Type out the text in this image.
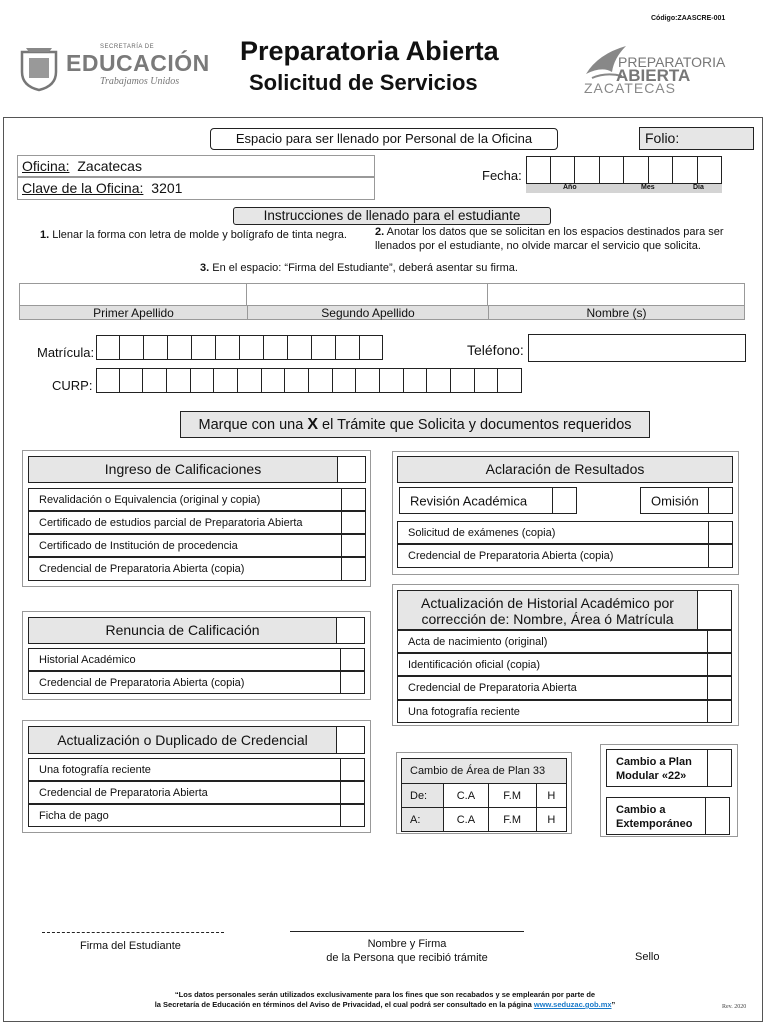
Código:ZAASCRE-001
SECRETARÍA DE
EDUCACIÓN
Trabajamos Unidos
Preparatoria Abierta
Solicitud de Servicios
PREPARATORIA
ABIERTA
ZACATECAS
Espacio para ser llenado por Personal de la Oficina	Folio:
Oficina: Zacatecas
Clave de la Oficina: 3201
Fecha:
Año	Mes	Día
Instrucciones de llenado para el estudiante
1. Llenar la forma con letra de molde y bolígrafo de tinta negra.	2. Anotar los datos que se solicitan en los espacios destinados para ser
llenados por el estudiante, no olvide marcar el servicio que solicita.
3. En el espacio: “Firma del Estudiante”, deberá asentar su firma.
Primer Apellido	Segundo Apellido	Nombre (s)
Matrícula:	Teléfono:
CURP:
Marque con una X el Trámite que Solicita y documentos requeridos
Ingreso de Calificaciones
Revalidación o Equivalencia (original y copia)
Certificado de estudios parcial de Preparatoria Abierta
Certificado de Institución de procedencia
Credencial de Preparatoria Abierta (copia)
Aclaración de Resultados
Revisión Académica	Omisión
Solicitud de exámenes (copia)
Credencial de Preparatoria Abierta (copia)
Renuncia de Calificación
Historial Académico
Credencial de Preparatoria Abierta (copia)
Actualización de Historial Académico por
corrección de: Nombre, Área ó Matrícula
Acta de nacimiento (original)
Identificación oficial (copia)
Credencial de Preparatoria Abierta
Una fotografía reciente
Actualización o Duplicado de Credencial
Una fotografía reciente
Credencial de Preparatoria Abierta
Ficha de pago
Cambio de Área de Plan 33			
De:	C.A	F.M	H
A:	C.A	F.M	H
Cambio a Plan
Modular «22»
Cambio a
Extemporáneo
Firma del Estudiante	Nombre y Firma
de la Persona que recibió trámite	Sello
“Los datos personales serán utilizados exclusivamente para los fines que son recabados y se emplearán por parte de
la Secretaría de Educación en términos del Aviso de Privacidad, el cual podrá ser consultado en la página www.seduzac.gob.mx”	Rev. 2020
